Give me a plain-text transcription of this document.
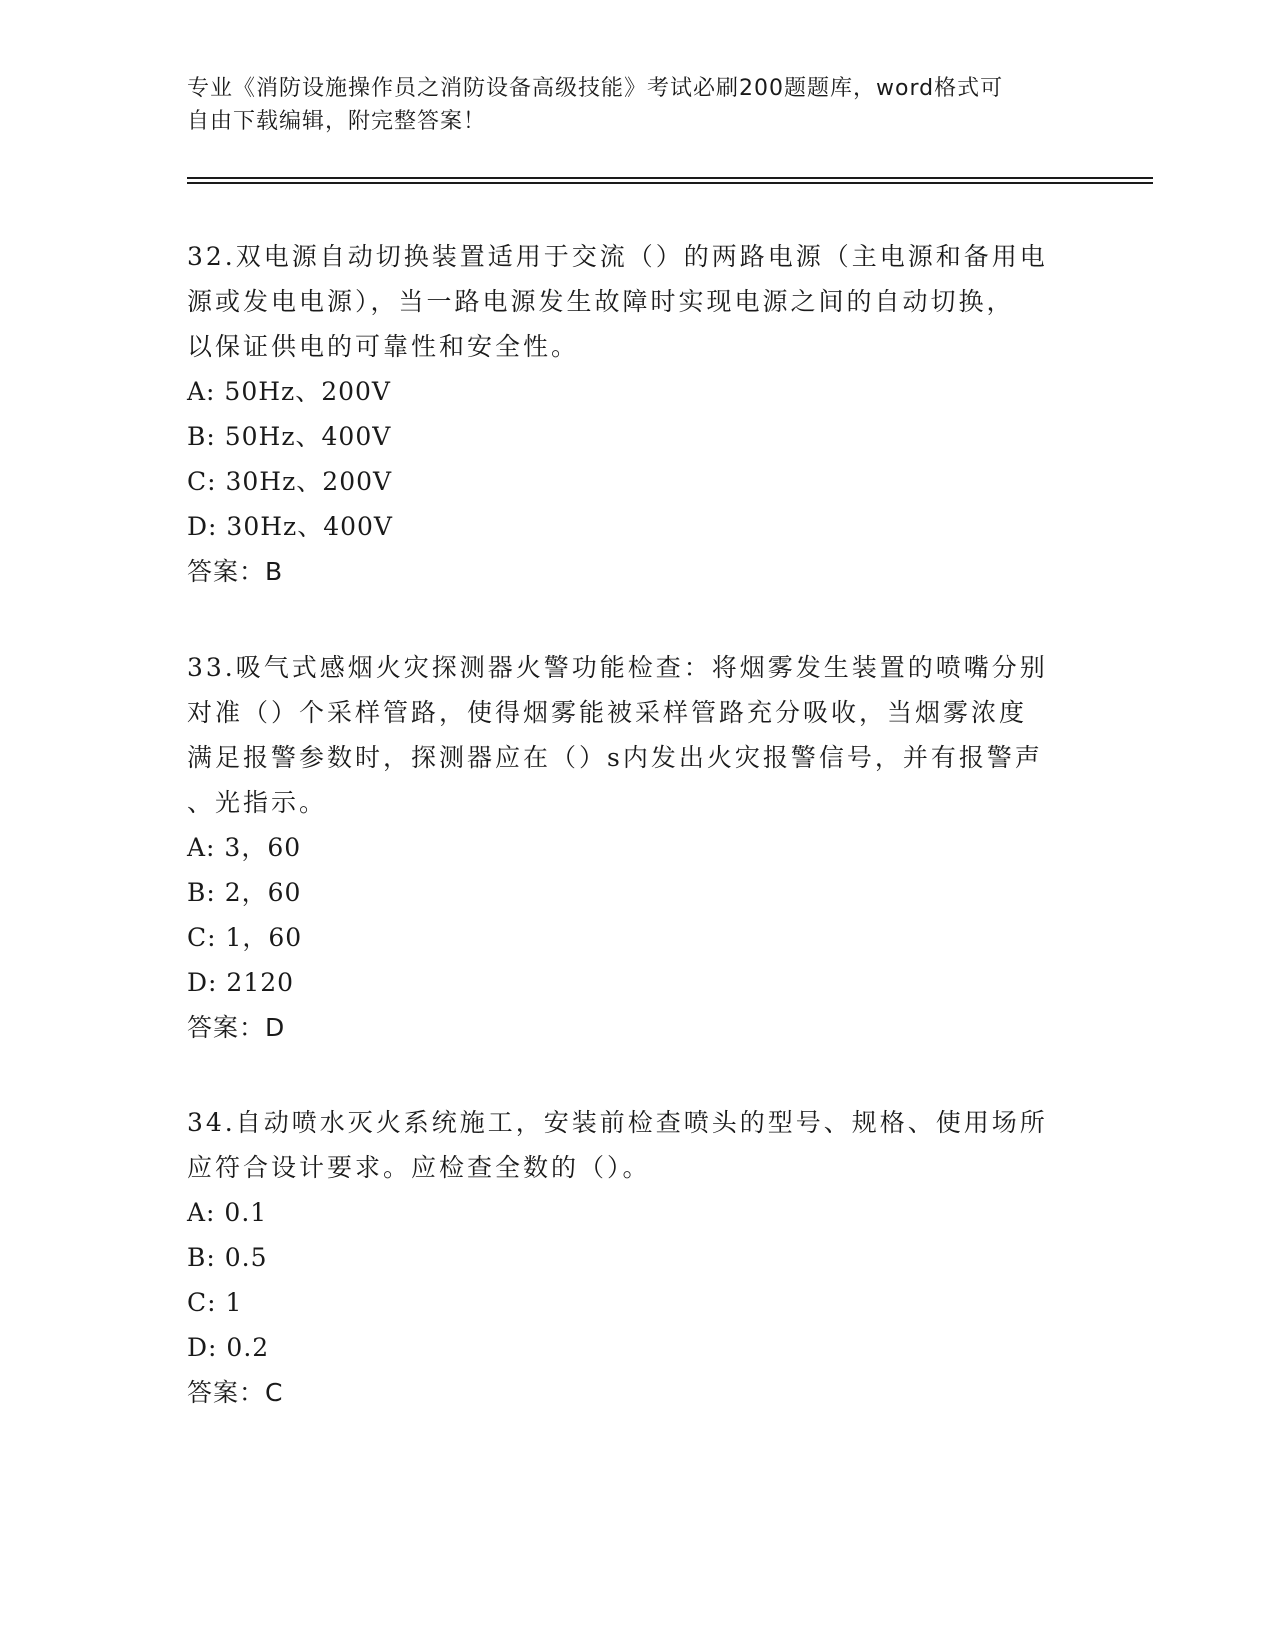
专业《消防设施操作员之消防设备高级技能》考试必刷200题题库，word格式可
自由下载编辑，附完整答案！

32.双电源自动切换装置适用于交流（）的两路电源（主电源和备用电

源或发电电源），当一路电源发生故障时实现电源之间的自动切换，

以保证供电的可靠性和安全性。

A: 50Hz、200V

B: 50Hz、400V

C: 30Hz、200V

D: 30Hz、400V

答案：B

33.吸气式感烟火灾探测器火警功能检查：将烟雾发生装置的喷嘴分别

对准（）个采样管路，使得烟雾能被采样管路充分吸收，当烟雾浓度

满足报警参数时，探测器应在（）s内发出火灾报警信号，并有报警声

、光指示。

A: 3，60

B: 2，60

C: 1，60

D: 2120

答案：D

34.自动喷水灭火系统施工，安装前检查喷头的型号、规格、使用场所

应符合设计要求。应检查全数的（）。

A: 0.1

B: 0.5

C: 1

D: 0.2

答案：C
